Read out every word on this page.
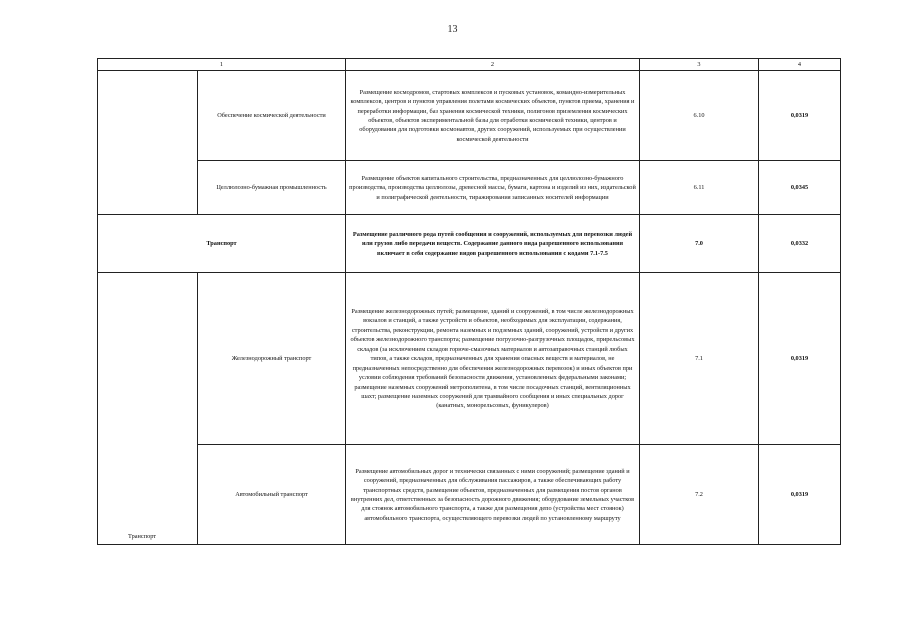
13
1		2	3	4
	Обеспечение космической деятельности	Размещение космодромов, стартовых комплексов и пусковых установок, командно-измерительных комплексов, центров и пунктов управления полетами космических объектов, пунктов приема, хранения и переработки информации, баз хранения космической техники, полигонов приземления космических объектов, объектов экспериментальной базы для отработки космической техники, центров и оборудования для подготовки космонавтов, других сооружений, используемых при осуществлении космической деятельности	6.10	0,0319
	Целлюлозно-бумажная промышленность	Размещение объектов капитального строительства, предназначенных для целлюлозно-бумажного производства, производства целлюлозы, древесной массы, бумаги, картона и изделий из них, издательской и полиграфической деятельности, тиражирования записанных носителей информации	6.11	0,0345
Транспорт		Размещение различного рода путей сообщения и сооружений, используемых для перевозки людей или грузов либо передачи веществ. Содержание данного вида разрешенного использования включает в себя содержание видов разрешенного использования с кодами 7.1-7.5	7.0	0,0332
Транспорт	Железнодорожный транспорт	Размещение железнодорожных путей; размещение, зданий и сооружений, в том числе железнодорожных вокзалов и станций, а также устройств и объектов, необходимых для эксплуатации, содержания, строительства, реконструкции, ремонта наземных и подземных зданий, сооружений, устройств и других объектов железнодорожного транспорта; размещение погрузочно-разгрузочных площадок, прирельсовых складов (за исключением складов горюче-смазочных материалов и автозаправочных станций любых типов, а также складов, предназначенных для хранения опасных веществ и материалов, не предназначенных непосредственно для обеспечения железнодорожных перевозок) и иных объектов при условии соблюдения требований безопасности движения, установленных федеральными законами; размещение наземных сооружений метрополитена, в том числе посадочных станций, вентиляционных шахт; размещение наземных сооружений для трамвайного сообщения и иных специальных дорог (канатных, монорельсовых, фуникулеров)	7.1	0,0319
	Автомобильный транспорт	Размещение автомобильных дорог и технически связанных с ними сооружений; размещение зданий и сооружений, предназначенных для обслуживания пассажиров, а также обеспечивающих работу транспортных средств, размещение объектов, предназначенных для размещения постов органов внутренних дел, ответственных за безопасность дорожного движения; оборудование земельных участков для стоянок автомобильного транспорта, а также для размещения депо (устройства мест стоянок) автомобильного транспорта, осуществляющего перевозки людей по установленному маршруту	7.2	0,0319
